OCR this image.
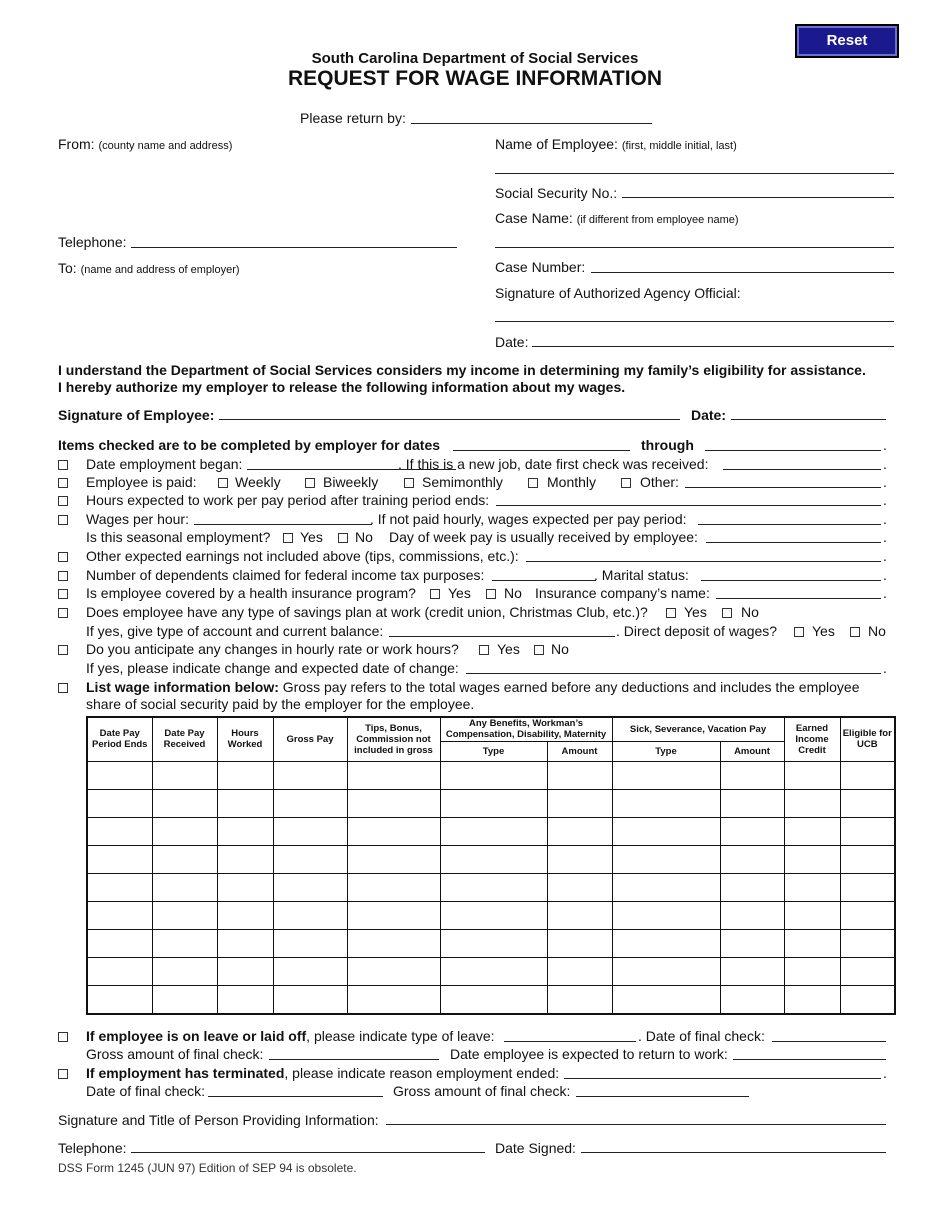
Reset
South Carolina Department of Social Services
REQUEST FOR WAGE INFORMATION
Please return by:
From: (county name and address)
Telephone:
To: (name and address of employer)
Name of Employee: (first, middle initial, last)
Social Security No.:
Case Name: (if different from employee name)
Case Number:
Signature of Authorized Agency Official:
Date:
I understand the Department of Social Services considers my income in determining my family’s eligibility for assistance.
I hereby authorize my employer to release the following information about my wages.
Signature of Employee:	Date:
Items checked are to be completed by employer for dates	through	.
Date employment began:	. If this is a new job, date first check was received:	.
Employee is paid:	Weekly	Biweekly	Semimonthly	Monthly	Other:	.
Hours expected to work per pay period after training period ends:	.
Wages per hour:	. If not paid hourly, wages expected per pay period:	.
Is this seasonal employment? Yes No Day of week pay is usually received by employee:	.
Other expected earnings not included above (tips, commissions, etc.):	.
Number of dependents claimed for federal income tax purposes:	. Marital status:	.
Is employee covered by a health insurance program? Yes No Insurance company’s name:	.
Does employee have any type of savings plan at work (credit union, Christmas Club, etc.)?	Yes No
If yes, give type of account and current balance:	. Direct deposit of wages? Yes No
Do you anticipate any changes in hourly rate or work hours?	Yes No
If yes, please indicate change and expected date of change:	.
List wage information below: Gross pay refers to the total wages earned before any deductions and includes the employee
share of social security paid by the employer for the employee.
Date Pay Period Ends	Date Pay Received	Hours Worked	Gross Pay	Tips, Bonus, Commission not included in gross	Any Benefits, Workman’s Compensation, Disability, Maternity		Sick, Severance, Vacation Pay		Earned Income Credit	Eligible for UCB
					Type	Amount	Type	Amount		

If employee is on leave or laid off, please indicate type of leave:	. Date of final check:
Gross amount of final check:	Date employee is expected to return to work:
If employment has terminated, please indicate reason employment ended:	.
Date of final check:	Gross amount of final check:
Signature and Title of Person Providing Information:
Telephone:	Date Signed:
DSS Form 1245 (JUN 97) Edition of SEP 94 is obsolete.
